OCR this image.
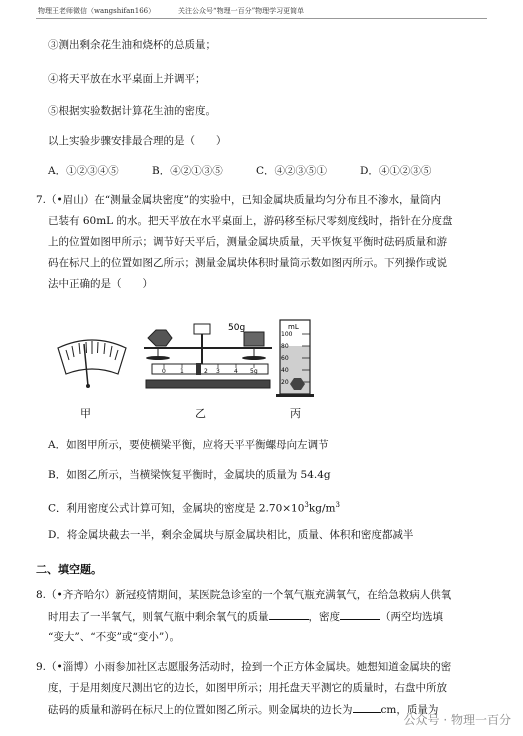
物理王老师微信（wangshifan166）	关注公众号“物理一百分”物理学习更简单
③测出剩余花生油和烧杯的总质量；
④将天平放在水平桌面上并调平；
⑤根据实验数据计算花生油的密度。
以上实验步骤安排最合理的是（　　）
A．①②③④⑤	B．④②①③⑤	C．④②③⑤①	D．④①②③⑤
7.（•眉山）在“测量金属块密度”的实验中，已知金属块质量均匀分布且不渗水，量筒内
已装有 60mL 的水。把天平放在水平桌面上，游码移至标尺零刻度线时，指针在分度盘
上的位置如图甲所示；调节好天平后，测量金属块质量，天平恢复平衡时砝码质量和游
码在标尺上的位置如图乙所示；测量金属块体积时量筒示数如图丙所示。下列操作或说
法中正确的是（　　）
甲
0 1	2 3 4 5g
50g
乙
mL
100
80
60
40
20
丙
A．如图甲所示，要使横梁平衡，应将天平平衡螺母向左调节
B．如图乙所示，当横梁恢复平衡时，金属块的质量为 54.4g
C．利用密度公式计算可知，金属块的密度是 $2.70\times 10^3kg/m^3$
D．将金属块截去一半，剩余金属块与原金属块相比，质量、体积和密度都减半
二、填空题。
8.（•齐齐哈尔）新冠疫情期间，某医院急诊室的一个氧气瓶充满氧气，在给急救病人供氧
时用去了一半氧气，则氧气瓶中剩余氧气的质量	，密度	（两空均选填
“变大”、“不变”或“变小”）。
9.（•淄博）小雨参加社区志愿服务活动时，捡到一个正方体金属块。她想知道金属块的密
度，于是用刻度尺测出它的边长，如图甲所示；用托盘天平测它的质量时，右盘中所放
砝码的质量和游码在标尺上的位置如图乙所示。则金属块的边长为	cm，质量为
公众号 · 物理一百分
